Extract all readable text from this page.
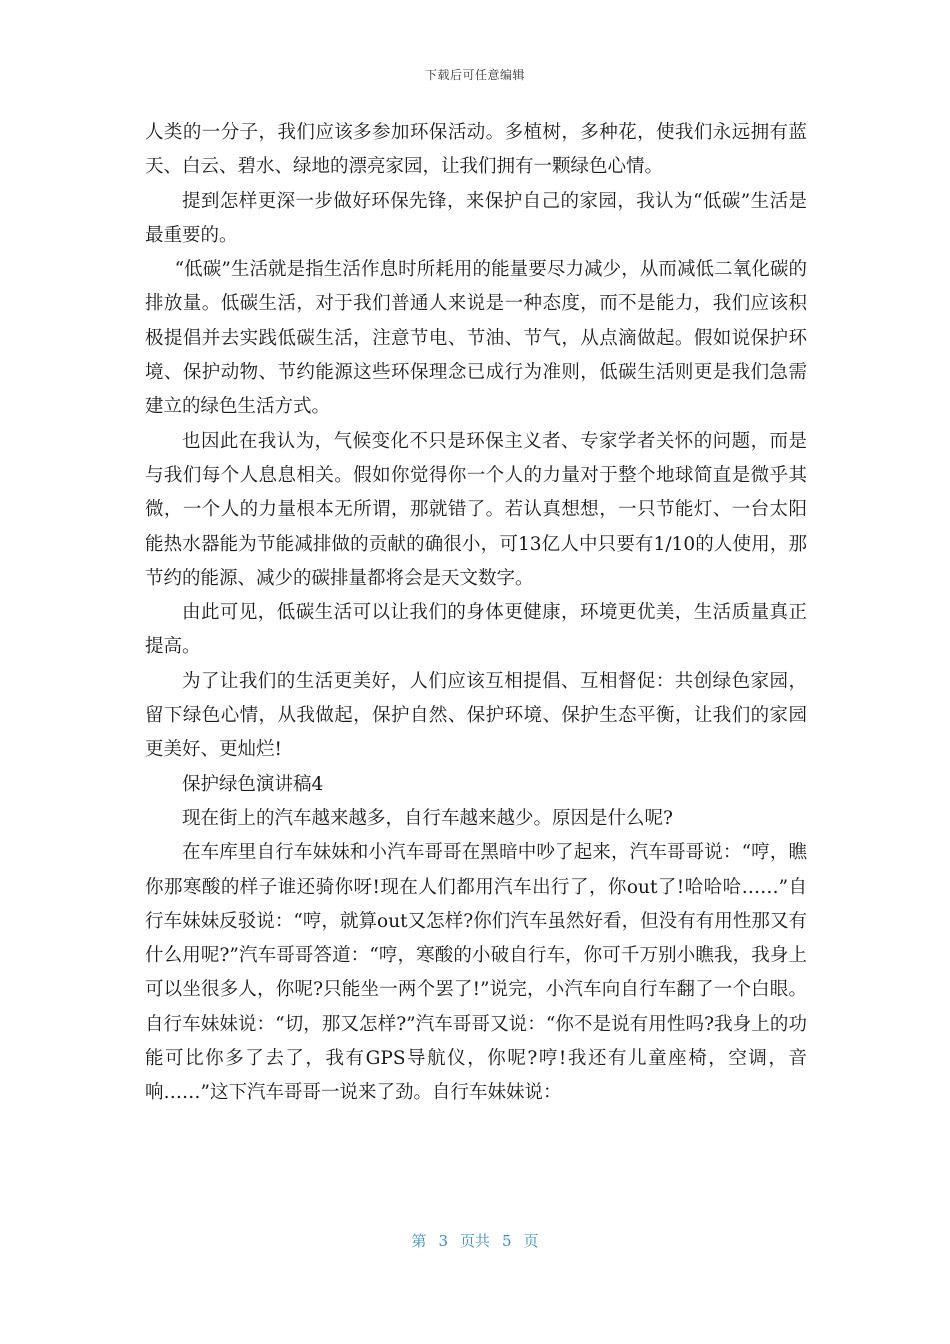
下载后可任意编辑

人类的一分子，我们应该多参加环保活动。多植树，多种花，使我们永远拥有蓝天、白云、碧水、绿地的漂亮家园，让我们拥有一颗绿色心情。

提到怎样更深一步做好环保先锋，来保护自己的家园，我认为“低碳”生活是最重要的。

“低碳”生活就是指生活作息时所耗用的能量要尽力减少，从而减低二氧化碳的排放量。低碳生活，对于我们普通人来说是一种态度，而不是能力，我们应该积极提倡并去实践低碳生活，注意节电、节油、节气，从点滴做起。假如说保护环境、保护动物、节约能源这些环保理念已成行为准则，低碳生活则更是我们急需建立的绿色生活方式。

也因此在我认为，气候变化不只是环保主义者、专家学者关怀的问题，而是与我们每个人息息相关。假如你觉得你一个人的力量对于整个地球简直是微乎其微，一个人的力量根本无所谓，那就错了。若认真想想，一只节能灯、一台太阳能热水器能为节能减排做的贡献的确很小，可13亿人中只要有1/10的人使用，那节约的能源、减少的碳排量都将会是天文数字。

由此可见，低碳生活可以让我们的身体更健康，环境更优美，生活质量真正提高。

为了让我们的生活更美好，人们应该互相提倡、互相督促：共创绿色家园，留下绿色心情，从我做起，保护自然、保护环境、保护生态平衡，让我们的家园更美好、更灿烂!

保护绿色演讲稿4

现在街上的汽车越来越多，自行车越来越少。原因是什么呢?

在车库里自行车妹妹和小汽车哥哥在黑暗中吵了起来，汽车哥哥说：“哼，瞧你那寒酸的样子谁还骑你呀!现在人们都用汽车出行了，你out了!哈哈哈……”自行车妹妹反驳说：“哼，就算out又怎样?你们汽车虽然好看，但没有有用性那又有什么用呢?”汽车哥哥答道：“哼，寒酸的小破自行车，你可千万别小瞧我，我身上可以坐很多人，你呢?只能坐一两个罢了!”说完，小汽车向自行车翻了一个白眼。自行车妹妹说：“切，那又怎样?”汽车哥哥又说：“你不是说有用性吗?我身上的功能可比你多了去了，我有GPS导航仪，你呢?哼!我还有儿童座椅，空调，音响……”这下汽车哥哥一说来了劲。自行车妹妹说：

第 3 页共 5 页
